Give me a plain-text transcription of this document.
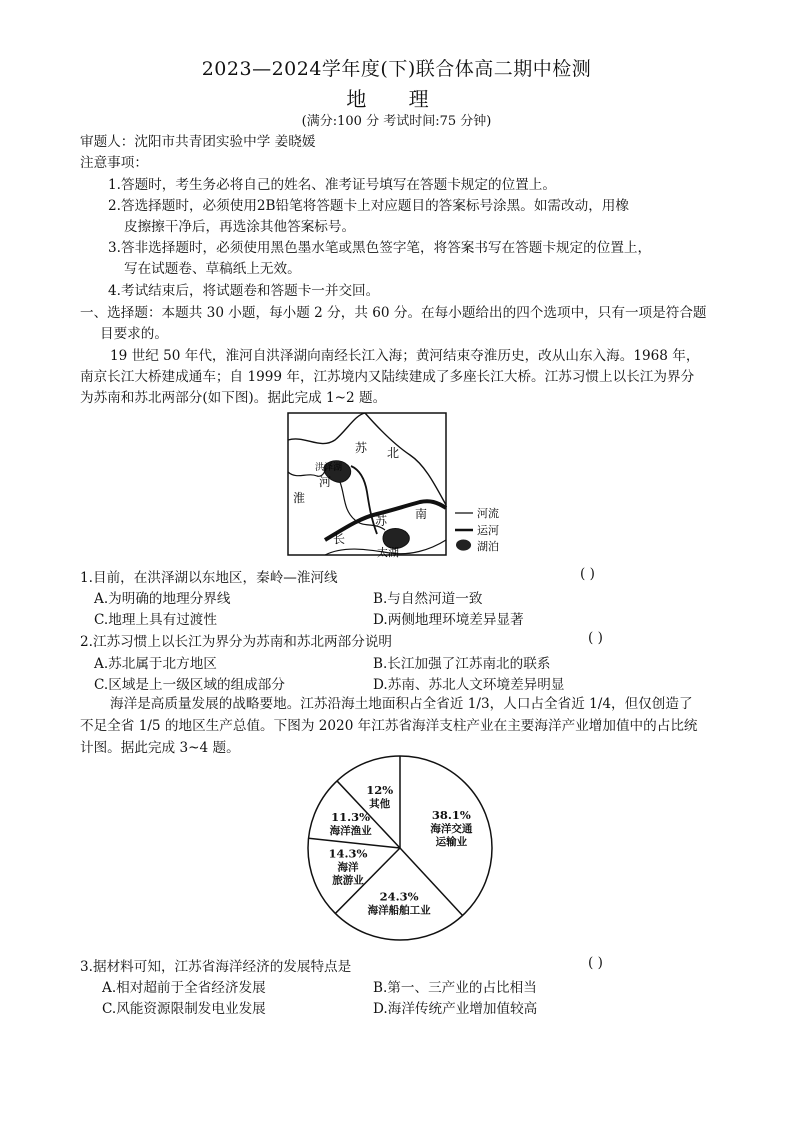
2023—2024学年度(下)联合体高二期中检测
地 理
(满分:100 分 考试时间:75 分钟)
审题人：沈阳市共青团实验中学 姜晓媛
注意事项：
1.答题时，考生务必将自己的姓名、准考证号填写在答题卡规定的位置上。
2.答选择题时，必须使用2B铅笔将答题卡上对应题目的答案标号涂黑。如需改动，用橡
皮擦擦干净后，再选涂其他答案标号。
3.答非选择题时，必须使用黑色墨水笔或黑色签字笔，将答案书写在答题卡规定的位置上，
写在试题卷、草稿纸上无效。
4.考试结束后，将试题卷和答题卡一并交回。
一、选择题：本题共 30 小题，每小题 2 分，共 60 分。在每小题给出的四个选项中，只有一项是符合题
目要求的。
19 世纪 50 年代，淮河自洪泽湖向南经长江入海；黄河结束夺淮历史，改从山东入海。1968 年，
南京长江大桥建成通车；自 1999 年，江苏境内又陆续建成了多座长江大桥。江苏习惯上以长江为界分
为苏南和苏北两部分(如下图)。据此完成 1~2 题。
苏 北
洪泽湖
河
淮
长
苏 南
太湖
河流
运河
湖泊
1.目前，在洪泽湖以东地区，秦岭—淮河线	( )
A.为明确的地理分界线	B.与自然河道一致
C.地理上具有过渡性	D.两侧地理环境差异显著
2.江苏习惯上以长江为界分为苏南和苏北两部分说明	( )
A.苏北属于北方地区	B.长江加强了江苏南北的联系
C.区域是上一级区域的组成部分	D.苏南、苏北人文环境差异明显
海洋是高质量发展的战略要地。江苏沿海土地面积占全省近 1/3，人口占全省近 1/4，但仅创造了
不足全省 1/5 的地区生产总值。下图为 2020 年江苏省海洋支柱产业在主要海洋产业增加值中的占比统
计图。据此完成 3~4 题。
38.1%
海洋交通
运输业
24.3%
海洋船舶工业
14.3%
海洋
旅游业
11.3%
海洋渔业
12%
其他
3.据材料可知，江苏省海洋经济的发展特点是	( )
A.相对超前于全省经济发展	B.第一、三产业的占比相当
C.风能资源限制发电业发展	D.海洋传统产业增加值较高
